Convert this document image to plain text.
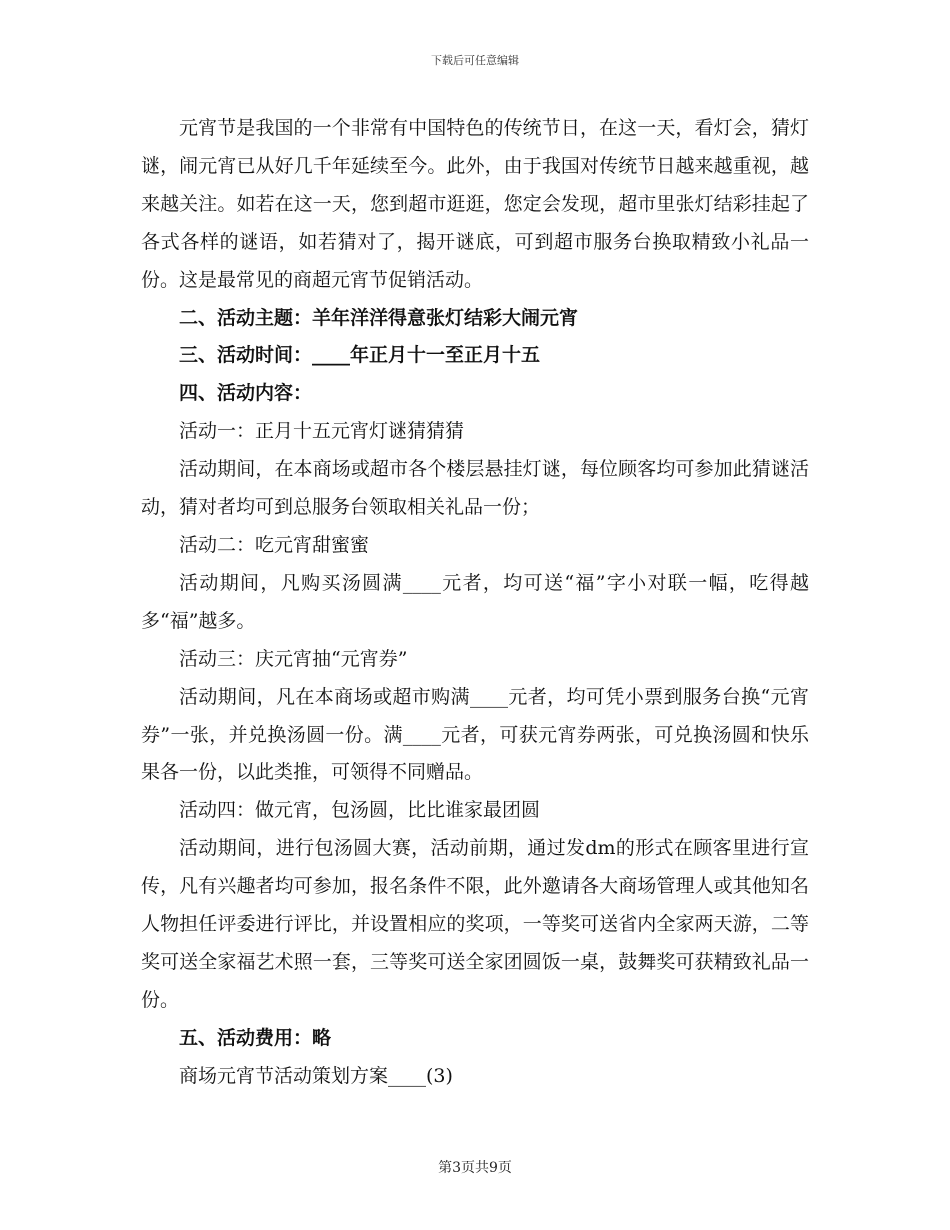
下载后可任意编辑

元宵节是我国的一个非常有中国特色的传统节日，在这一天，看灯会，猜灯谜，闹元宵已从好几千年延续至今。此外，由于我国对传统节日越来越重视，越来越关注。如若在这一天，您到超市逛逛，您定会发现，超市里张灯结彩挂起了各式各样的谜语，如若猜对了，揭开谜底，可到超市服务台换取精致小礼品一份。这是最常见的商超元宵节促销活动。

二、活动主题：羊年洋洋得意张灯结彩大闹元宵

三、活动时间：____年正月十一至正月十五

四、活动内容：

活动一：正月十五元宵灯谜猜猜猜

活动期间，在本商场或超市各个楼层悬挂灯谜，每位顾客均可参加此猜谜活动，猜对者均可到总服务台领取相关礼品一份；

活动二：吃元宵甜蜜蜜

活动期间，凡购买汤圆满____元者，均可送“福”字小对联一幅，吃得越多“福”越多。

活动三：庆元宵抽“元宵券”

活动期间，凡在本商场或超市购满____元者，均可凭小票到服务台换“元宵券”一张，并兑换汤圆一份。满____元者，可获元宵券两张，可兑换汤圆和快乐果各一份，以此类推，可领得不同赠品。

活动四：做元宵，包汤圆，比比谁家最团圆

活动期间，进行包汤圆大赛，活动前期，通过发dm的形式在顾客里进行宣传，凡有兴趣者均可参加，报名条件不限，此外邀请各大商场管理人或其他知名人物担任评委进行评比，并设置相应的奖项，一等奖可送省内全家两天游，二等奖可送全家福艺术照一套，三等奖可送全家团圆饭一桌，鼓舞奖可获精致礼品一份。

五、活动费用：略

商场元宵节活动策划方案____(3)

第3页共9页
